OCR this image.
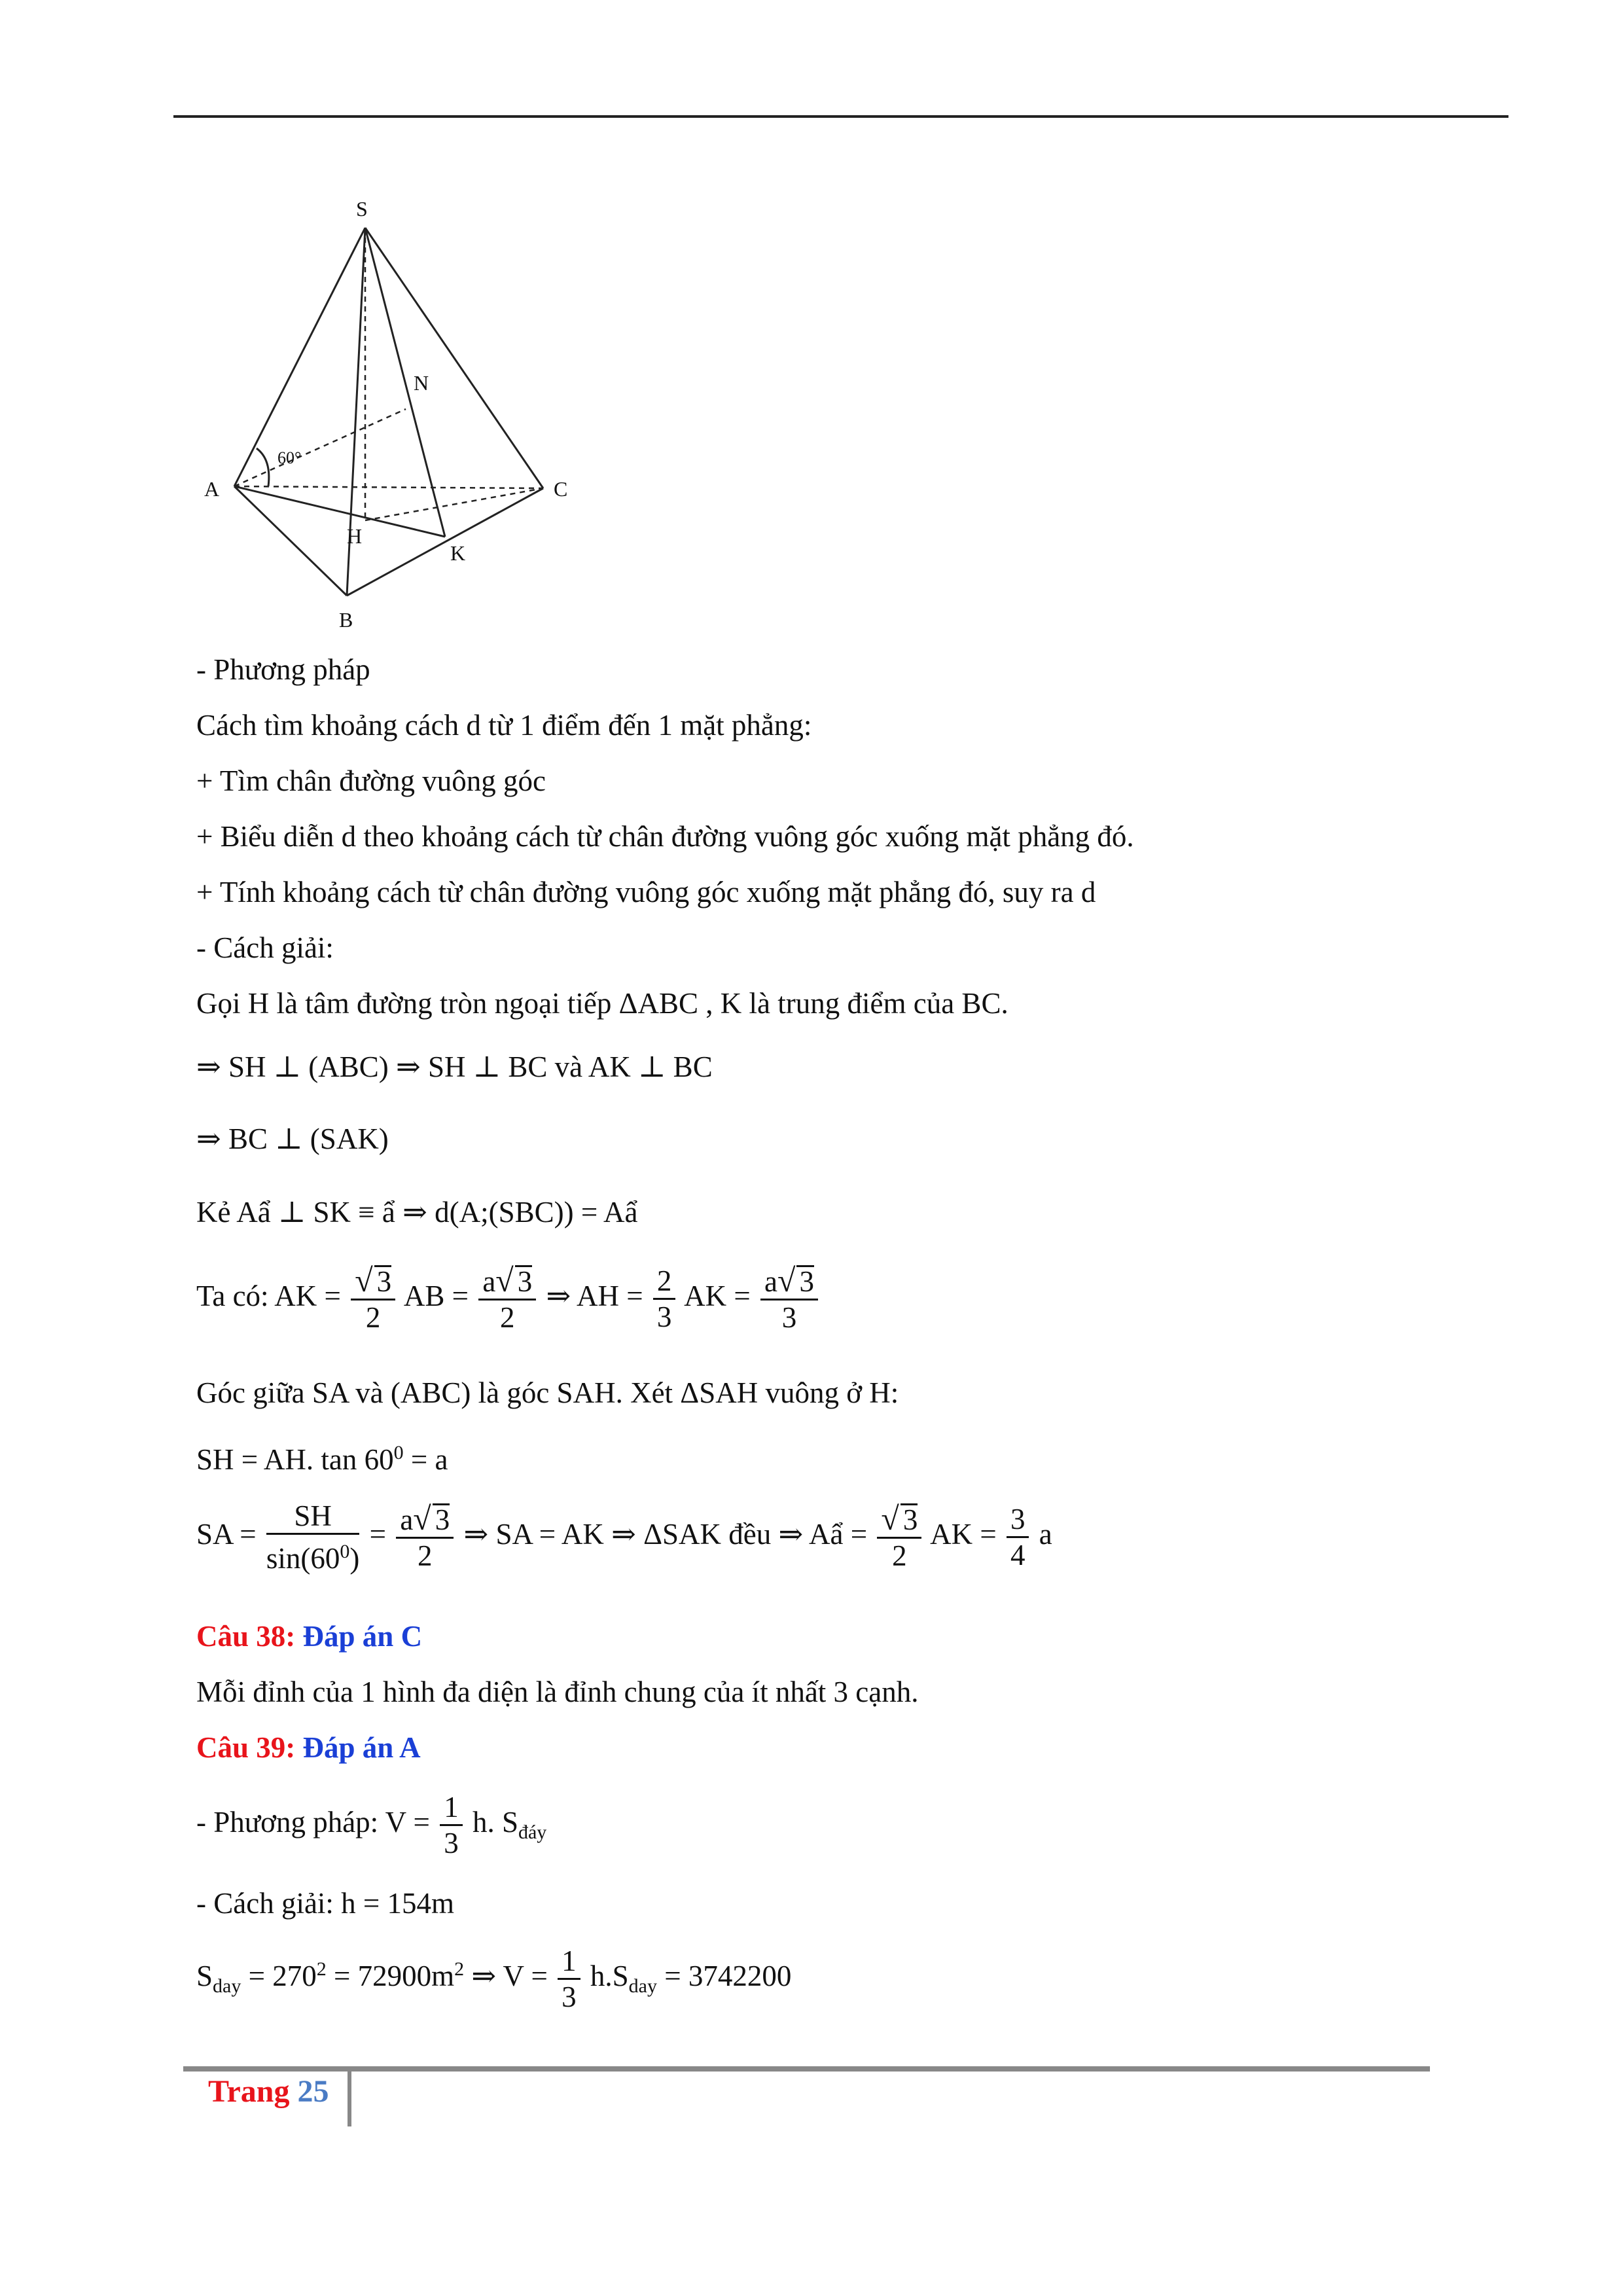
S
A
B
C
N
H
K
60°
- Phương pháp
Cách tìm khoảng cách d từ 1 điểm đến 1 mặt phẳng:
+ Tìm chân đường vuông góc
+ Biểu diễn d theo khoảng cách từ chân đường vuông góc xuống mặt phẳng đó.
+ Tính khoảng cách từ chân đường vuông góc xuống mặt phẳng đó, suy ra d
- Cách giải:
Gọi H là tâm đường tròn ngoại tiếp ΔABC , K là trung điểm của BC.
⇒ SH ⊥ (ABC) ⇒ SH ⊥ BC và AK ⊥ BC
⇒ BC ⊥ (SAK)
Kẻ Aẩ ⊥ SK ≡ ẩ ⇒ d(A;(SBC)) = Aẩ
Ta có: AK = $\frac{√ 3}{2}$ AB = $\frac{a√ 3}{2}$ ⇒ AH = $\frac{2}{3}$ AK = $\frac{a√ 3}{3}$
Góc giữa SA và (ABC) là góc SAH. Xét ΔSAH vuông ở H:
SH = AH. $\tan 60^0 = a$
SA = $\frac{SH}{\sin(60^0)} = \frac{a√ 3}{2}$ ⇒ SA = AK ⇒ ΔSAK đều ⇒ Aẩ = $\frac{√ 3}{2}$ AK = $\frac{3}{4}$ a
Câu 38: Đáp án C
Mỗi đỉnh của 1 hình đa diện là đỉnh chung của ít nhất 3 cạnh.
Câu 39: Đáp án A
- Phương pháp: $V = \frac{1}{3} h$. $S_{đáy}$
- Cách giải: h = 154m
$S_{day} = 270^2 = 72900m^2$ ⇒ $V = \frac{1}{3} h.S_{day} = 3742200$
Trang 25
